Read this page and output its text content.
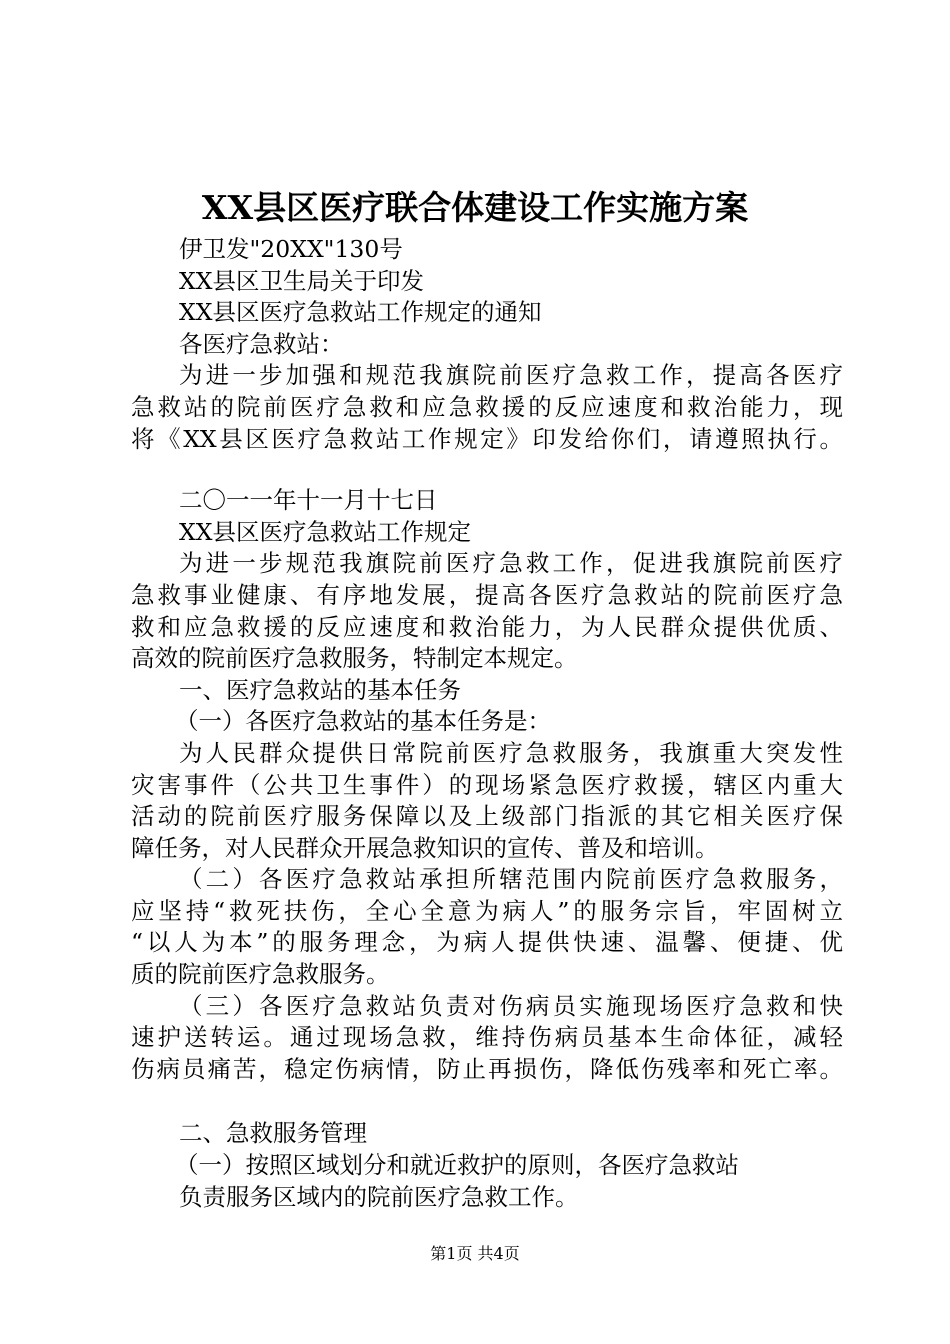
XX县区医疗联合体建设工作实施方案
伊卫发"20XX"130号
XX县区卫生局关于印发
XX县区医疗急救站工作规定的通知
各医疗急救站：
为进一步加强和规范我旗院前医疗急救工作，提高各医疗
急救站的院前医疗急救和应急救援的反应速度和救治能力，现
将《XX县区医疗急救站工作规定》印发给你们，请遵照执行。
二〇一一年十一月十七日
XX县区医疗急救站工作规定
为进一步规范我旗院前医疗急救工作，促进我旗院前医疗
急救事业健康、有序地发展，提高各医疗急救站的院前医疗急
救和应急救援的反应速度和救治能力，为人民群众提供优质、
高效的院前医疗急救服务，特制定本规定。
一、医疗急救站的基本任务
（一）各医疗急救站的基本任务是：
为人民群众提供日常院前医疗急救服务，我旗重大突发性
灾害事件（公共卫生事件）的现场紧急医疗救援，辖区内重大
活动的院前医疗服务保障以及上级部门指派的其它相关医疗保
障任务，对人民群众开展急救知识的宣传、普及和培训。
（二）各医疗急救站承担所辖范围内院前医疗急救服务，
应坚持“救死扶伤，全心全意为病人”的服务宗旨，牢固树立
“以人为本”的服务理念，为病人提供快速、温馨、便捷、优
质的院前医疗急救服务。
（三）各医疗急救站负责对伤病员实施现场医疗急救和快
速护送转运。通过现场急救，维持伤病员基本生命体征，减轻
伤病员痛苦，稳定伤病情，防止再损伤，降低伤残率和死亡率。
二、急救服务管理
（一）按照区域划分和就近救护的原则，各医疗急救站
负责服务区域内的院前医疗急救工作。
第1页 共4页
